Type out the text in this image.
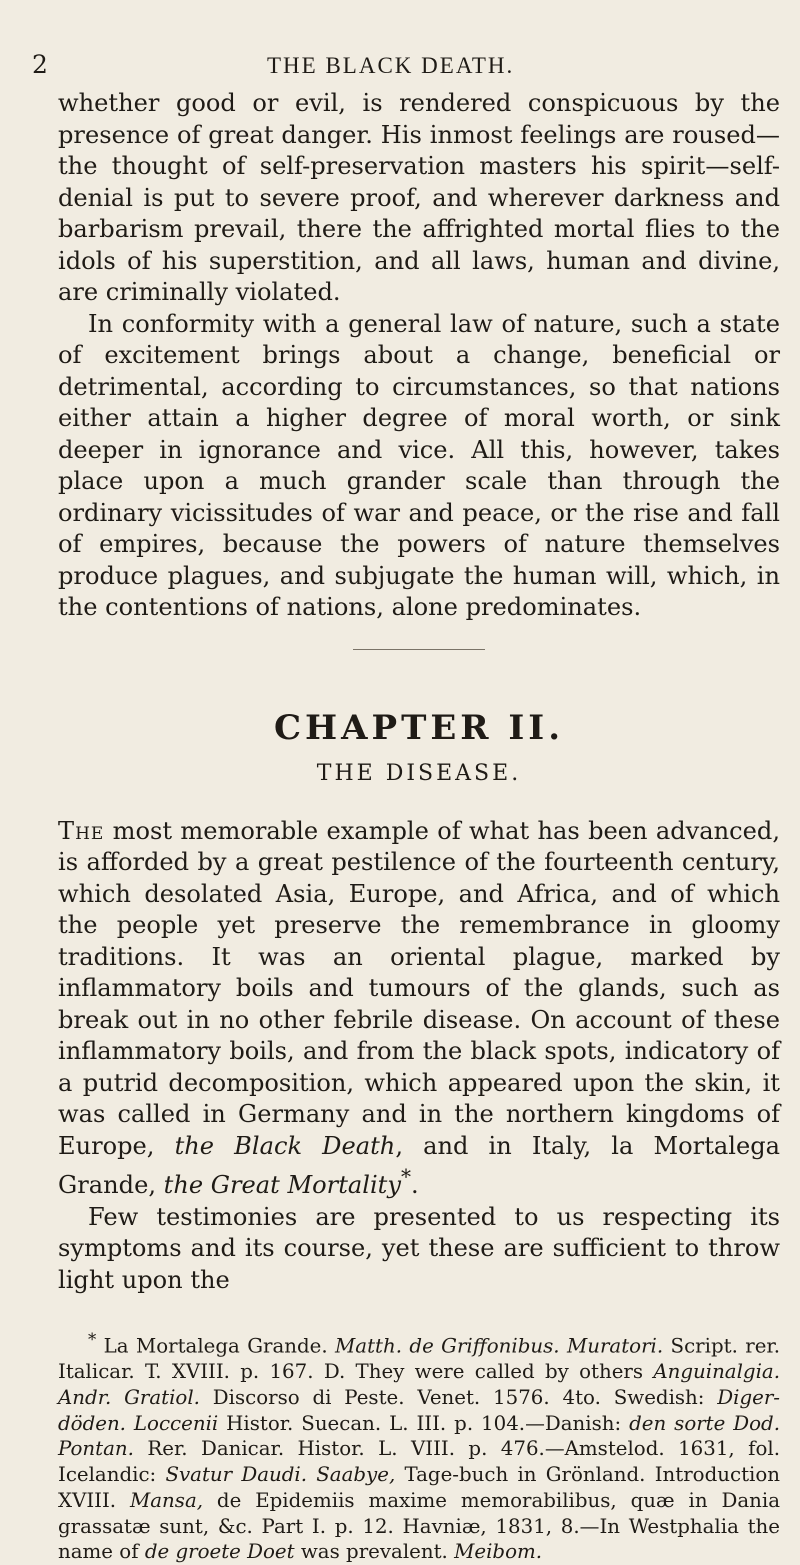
2	THE BLACK DEATH.

whether good or evil, is rendered conspicuous by the presence of great danger. His inmost feelings are roused—the thought of self-preservation masters his spirit—self-denial is put to severe proof, and wherever darkness and barbarism prevail, there the affrighted mortal flies to the idols of his superstition, and all laws, human and divine, are criminally violated.

In conformity with a general law of nature, such a state of excitement brings about a change, beneficial or detrimental, according to circumstances, so that nations either attain a higher degree of moral worth, or sink deeper in ignorance and vice. All this, however, takes place upon a much grander scale than through the ordinary vicissitudes of war and peace, or the rise and fall of empires, because the powers of nature themselves produce plagues, and subjugate the human will, which, in the contentions of nations, alone predominates.

CHAPTER II.
THE DISEASE.

The most memorable example of what has been advanced, is afforded by a great pestilence of the fourteenth century, which desolated Asia, Europe, and Africa, and of which the people yet preserve the remembrance in gloomy traditions. It was an oriental plague, marked by inflammatory boils and tumours of the glands, such as break out in no other febrile disease. On account of these inflammatory boils, and from the black spots, indicatory of a putrid decomposition, which appeared upon the skin, it was called in Germany and in the northern kingdoms of Europe, the Black Death, and in Italy, la Mortalega Grande, the Great Mortality*.

Few testimonies are presented to us respecting its symptoms and its course, yet these are sufficient to throw light upon the

* La Mortalega Grande. Matth. de Griffonibus. Muratori. Script. rer. Italicar. T. XVIII. p. 167. D. They were called by others Anguinalgia. Andr. Gratiol. Discorso di Peste. Venet. 1576. 4to. Swedish: Diger-döden. Loccenii Histor. Suecan. L. III. p. 104.—Danish: den sorte Dod. Pontan. Rer. Danicar. Histor. L. VIII. p. 476.—Amstelod. 1631, fol. Icelandic: Svatur Daudi. Saabye, Tage-buch in Grönland. Introduction XVIII. Mansa, de Epidemiis maxime memorabilibus, quæ in Dania grassatæ sunt, &c. Part I. p. 12. Havniæ, 1831, 8.—In Westphalia the name of de groete Doet was prevalent. Meibom.
